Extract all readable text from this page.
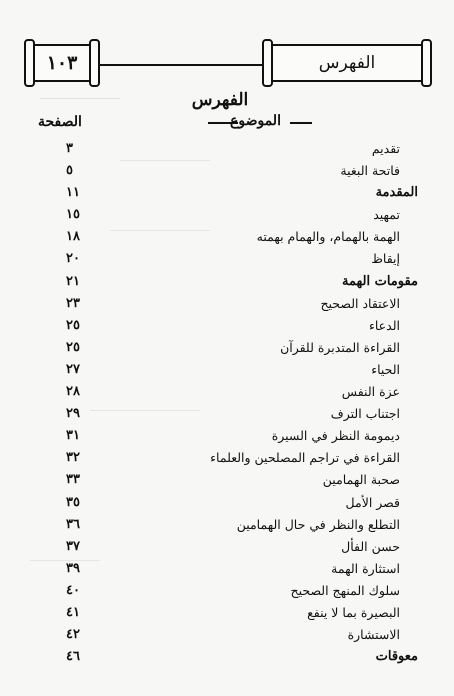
١٠٣	الفهرس
الفهرس
الموضوع
الصفحة
تقديم
٣
فاتحة البغية
٥
المقدمة
١١
تمهيد
١٥
الهمة بالهمام، والهمام بهمته
١٨
إيقاظ
٢٠
مقومات الهمة
٢١
الاعتقاد الصحيح
٢٣
الدعاء
٢٥
القراءة المتدبرة للقرآن
٢٥
الحياء
٢٧
عزة النفس
٢٨
اجتناب الترف
٢٩
ديمومة النظر في السيرة
٣١
القراءة في تراجم المصلحين والعلماء
٣٢
صحبة الهمامين
٣٣
قصر الأمل
٣٥
التطلع والنظر في حال الهمامين
٣٦
حسن الفأل
٣٧
استثارة الهمة
٣٩
سلوك المنهج الصحيح
٤٠
البصيرة بما لا ينفع
٤١
الاستشارة
٤٢
معوقات
٤٦
